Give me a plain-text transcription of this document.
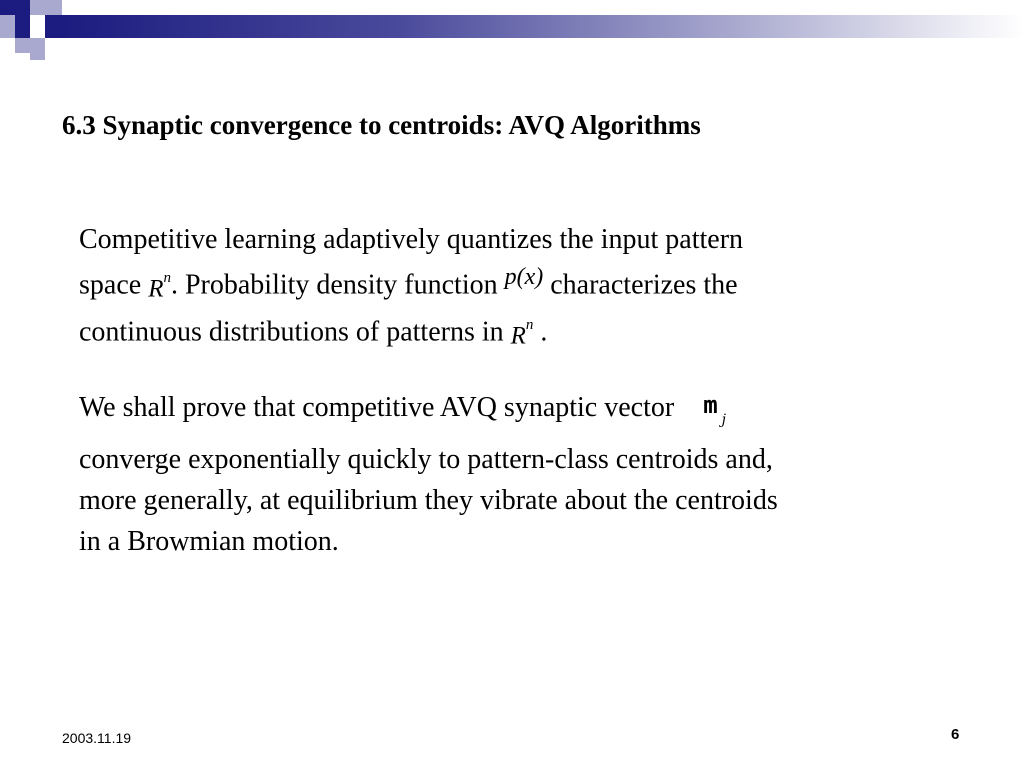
6.3 Synaptic convergence to centroids: AVQ Algorithms
Competitive learning adaptively quantizes the input pattern
space $R^n$. Probability density function p(x) characterizes the
continuous distributions of patterns in $R^n$ .
We shall prove that competitive AVQ synaptic vector $m_j$
converge exponentially quickly to pattern-class centroids and,
more generally, at equilibrium they vibrate about the centroids
in a Browmian motion.
2003.11.19	6
